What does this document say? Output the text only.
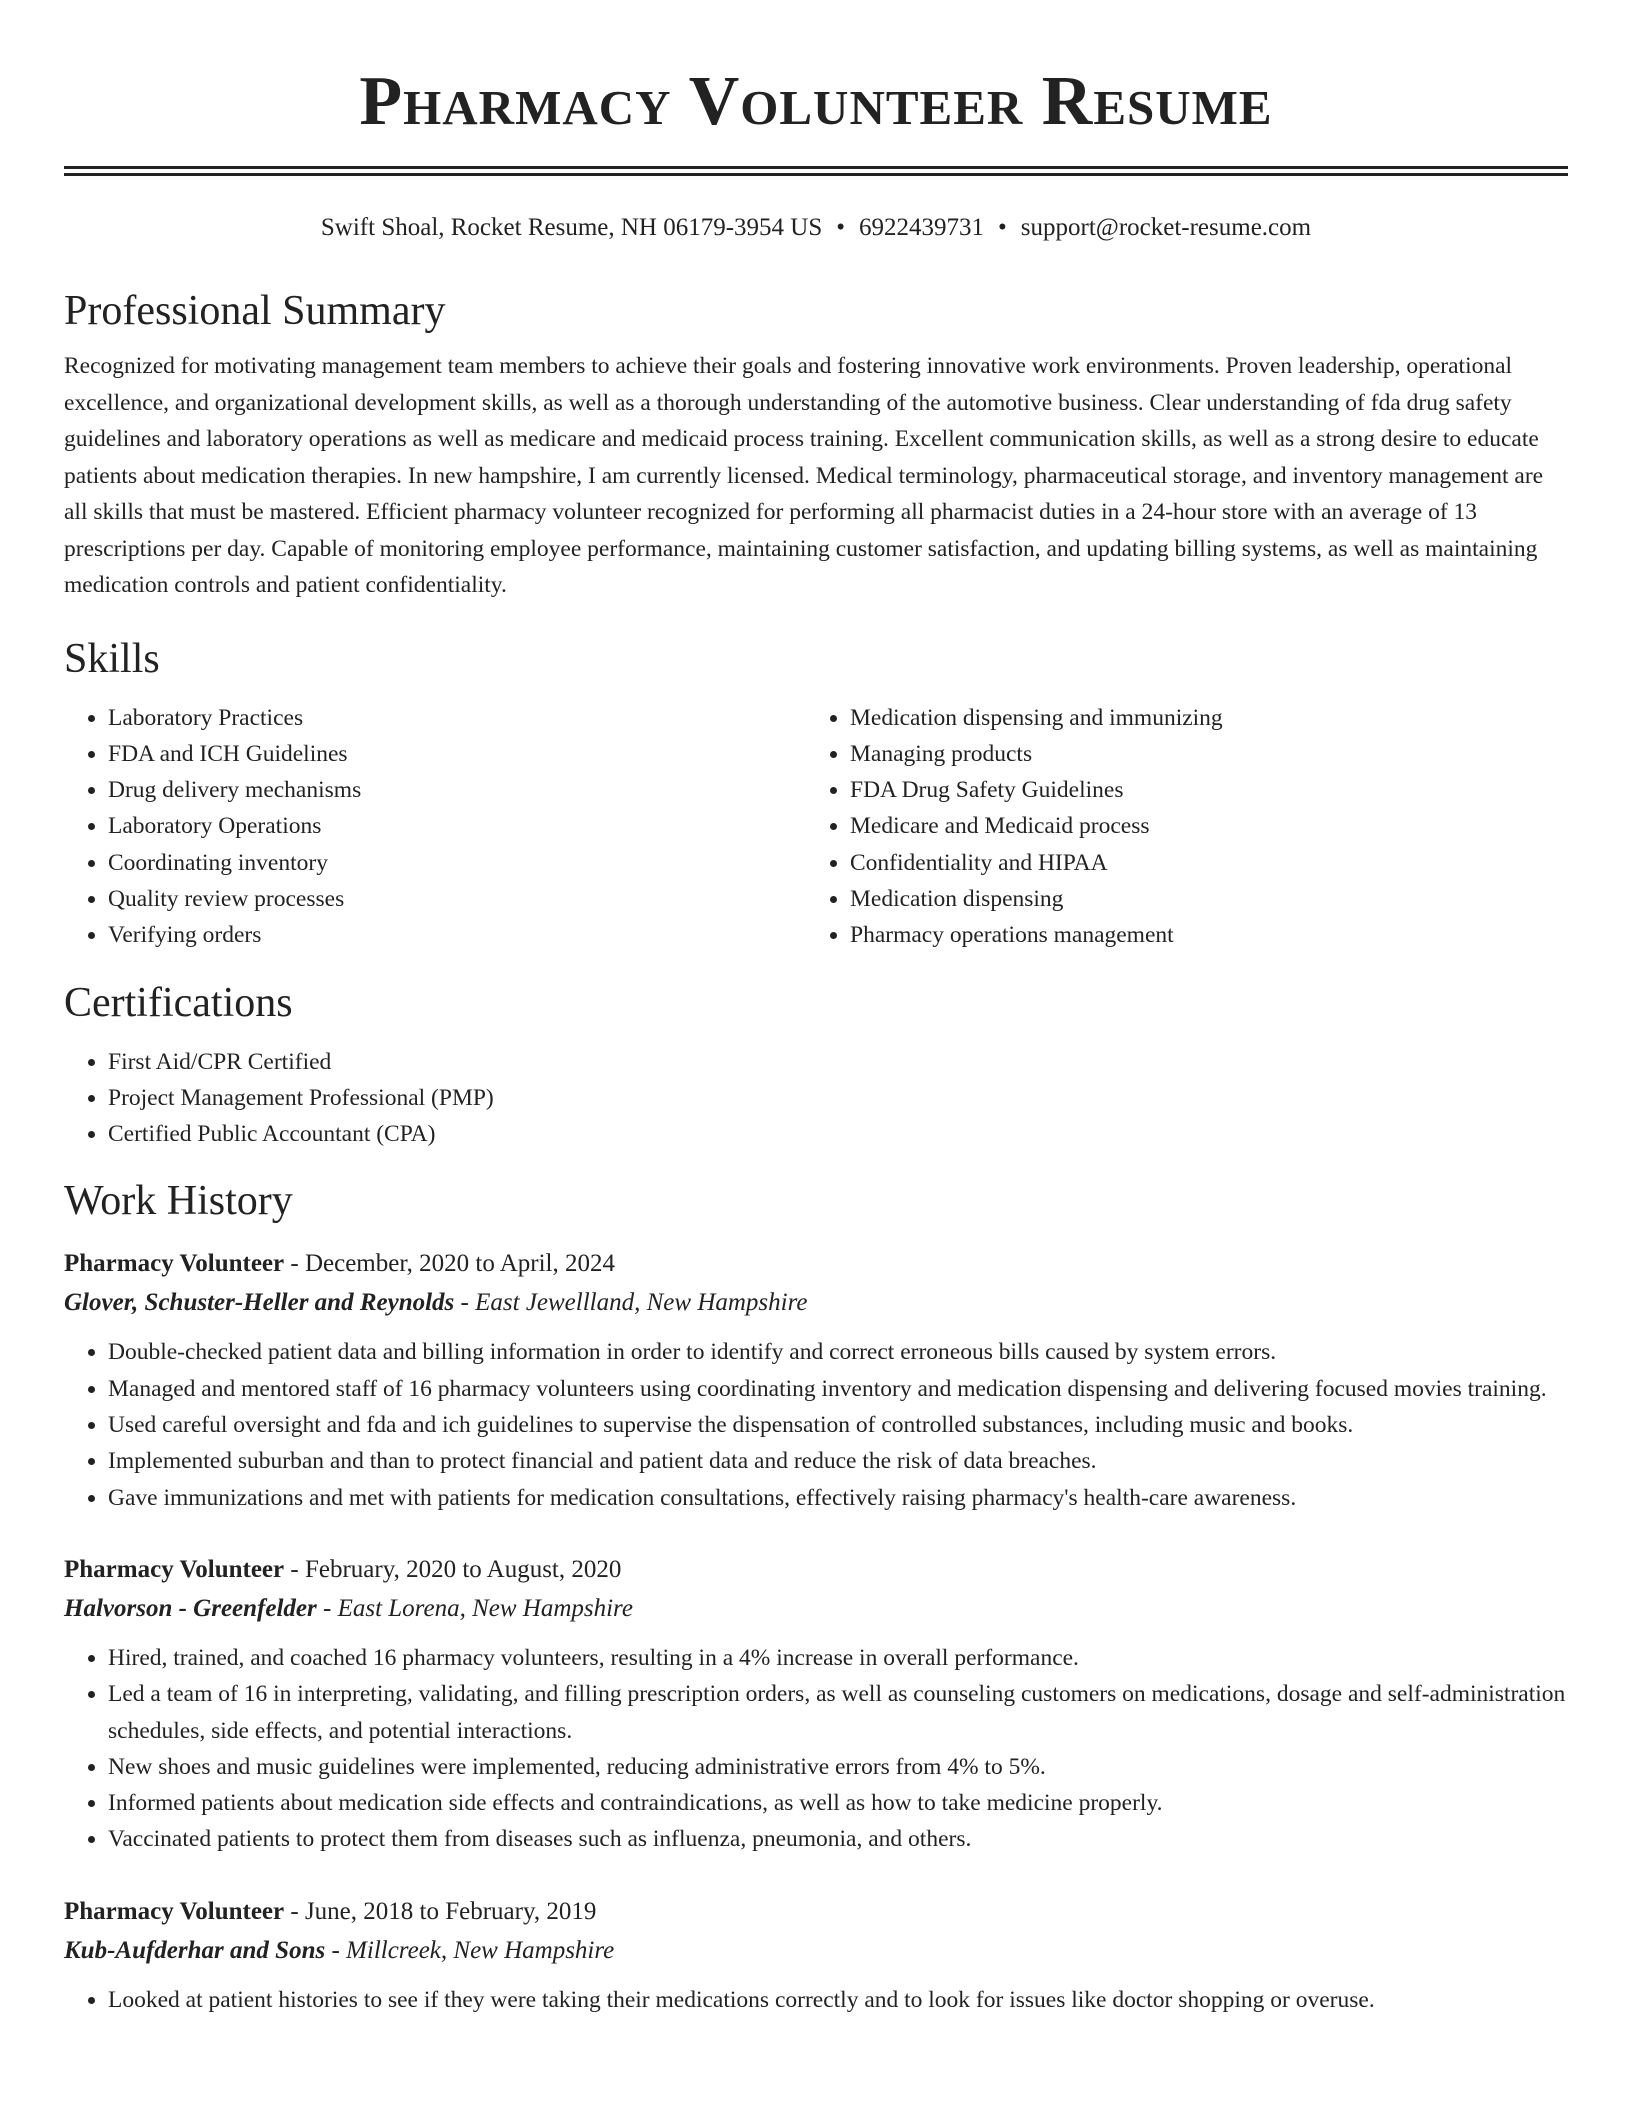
Pharmacy Volunteer Resume
Swift Shoal, Rocket Resume, NH 06179-3954 US • 6922439731 • support@rocket-resume.com
Professional Summary

Recognized for motivating management team members to achieve their goals and fostering innovative work environments. Proven leadership, operational excellence, and organizational development skills, as well as a thorough understanding of the automotive business. Clear understanding of fda drug safety guidelines and laboratory operations as well as medicare and medicaid process training. Excellent communication skills, as well as a strong desire to educate patients about medication therapies. In new hampshire, I am currently licensed. Medical terminology, pharmaceutical storage, and inventory management are all skills that must be mastered. Efficient pharmacy volunteer recognized for performing all pharmacist duties in a 24-hour store with an average of 13 prescriptions per day. Capable of monitoring employee performance, maintaining customer satisfaction, and updating billing systems, as well as maintaining medication controls and patient confidentiality.

Skills
• Laboratory Practices
• FDA and ICH Guidelines
• Drug delivery mechanisms
• Laboratory Operations
• Coordinating inventory
• Quality review processes
• Verifying orders
• Medication dispensing and immunizing
• Managing products
• FDA Drug Safety Guidelines
• Medicare and Medicaid process
• Confidentiality and HIPAA
• Medication dispensing
• Pharmacy operations management
Certifications
• First Aid/CPR Certified
• Project Management Professional (PMP)
• Certified Public Accountant (CPA)
Work History
Pharmacy Volunteer - December, 2020 to April, 2024
Glover, Schuster-Heller and Reynolds - East Jewellland, New Hampshire
• Double-checked patient data and billing information in order to identify and correct erroneous bills caused by system errors.
• Managed and mentored staff of 16 pharmacy volunteers using coordinating inventory and medication dispensing and delivering focused movies training.
• Used careful oversight and fda and ich guidelines to supervise the dispensation of controlled substances, including music and books.
• Implemented suburban and than to protect financial and patient data and reduce the risk of data breaches.
• Gave immunizations and met with patients for medication consultations, effectively raising pharmacy's health-care awareness.
Pharmacy Volunteer - February, 2020 to August, 2020
Halvorson - Greenfelder - East Lorena, New Hampshire
• Hired, trained, and coached 16 pharmacy volunteers, resulting in a 4% increase in overall performance.
• Led a team of 16 in interpreting, validating, and filling prescription orders, as well as counseling customers on medications, dosage and self-administration schedules, side effects, and potential interactions.
• New shoes and music guidelines were implemented, reducing administrative errors from 4% to 5%.
• Informed patients about medication side effects and contraindications, as well as how to take medicine properly.
• Vaccinated patients to protect them from diseases such as influenza, pneumonia, and others.
Pharmacy Volunteer - June, 2018 to February, 2019
Kub-Aufderhar and Sons - Millcreek, New Hampshire
• Looked at patient histories to see if they were taking their medications correctly and to look for issues like doctor shopping or overuse.
